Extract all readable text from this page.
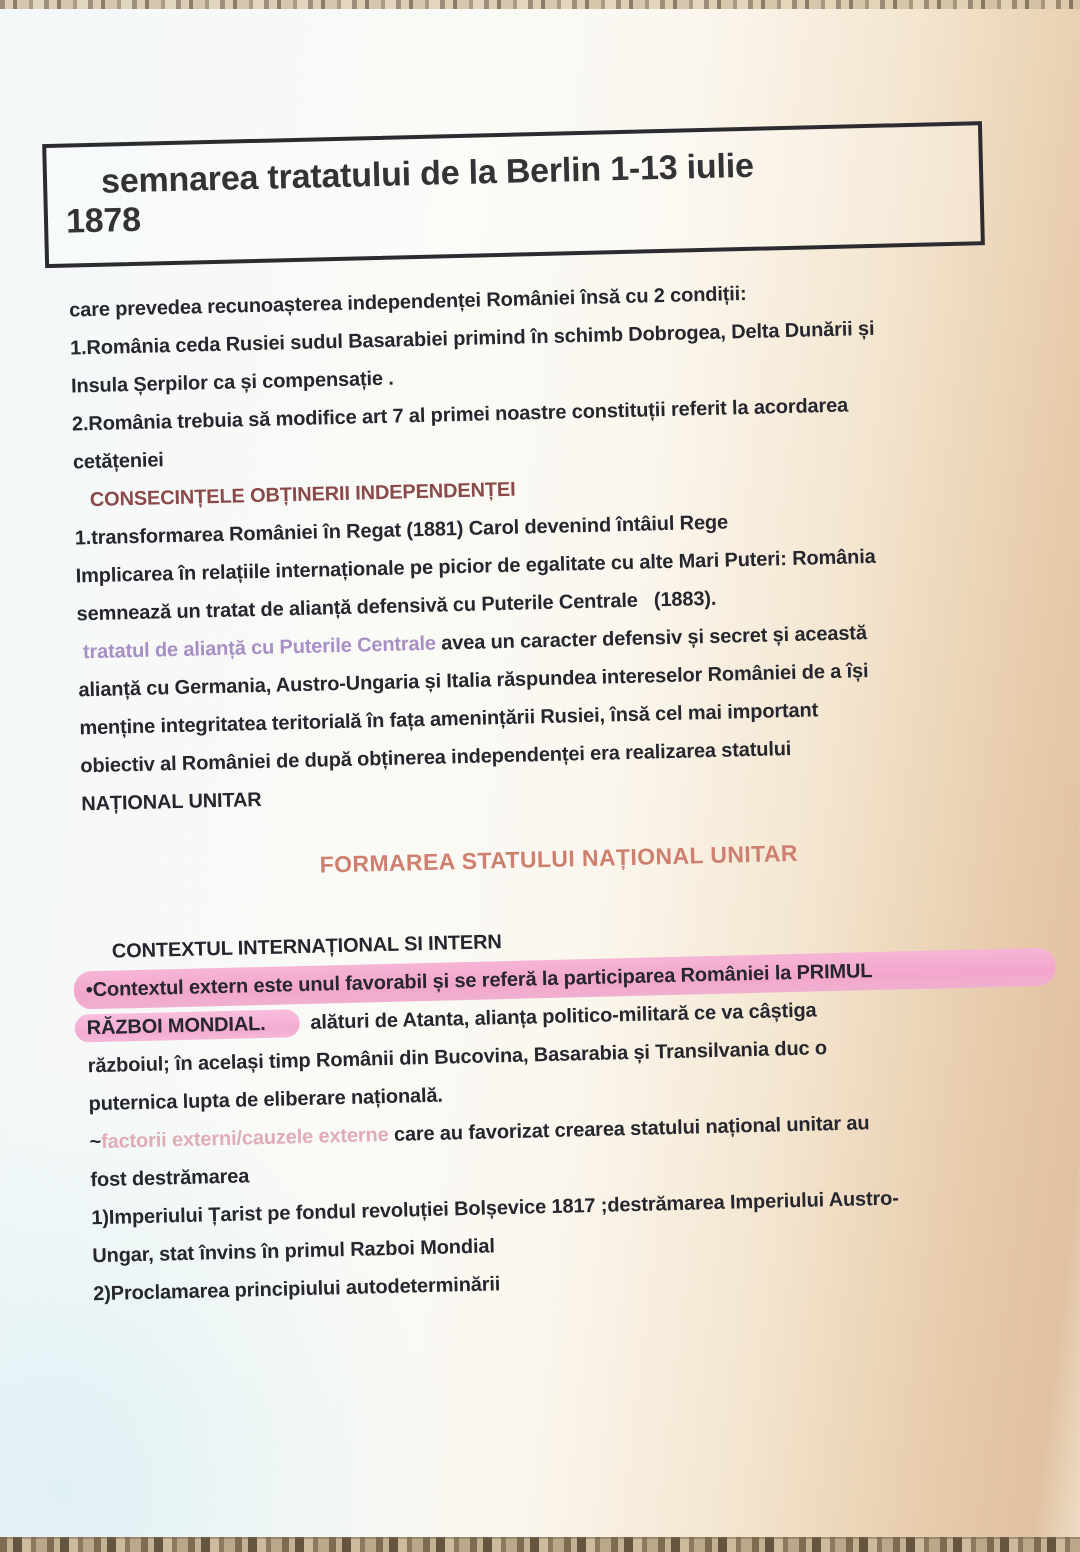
semnarea tratatului de la Berlin 1-13 iulie
1878
care prevedea recunoașterea independenței României însă cu 2 condiții:
1.România ceda Rusiei sudul Basarabiei primind în schimb Dobrogea, Delta Dunării și
Insula Șerpilor ca și compensație .
2.România trebuia să modifice art 7 al primei noastre constituții referit la acordarea
cetățeniei
CONSECINȚELE OBȚINERII INDEPENDENȚEI
1.transformarea României în Regat (1881) Carol devenind întâiul Rege
Implicarea în relațiile internaționale pe picior de egalitate cu alte Mari Puteri: România
semnează un tratat de alianță defensivă cu Puterile Centrale   (1883).
tratatul de alianță cu Puterile Centrale avea un caracter defensiv și secret și această
alianță cu Germania, Austro-Ungaria și Italia răspundea intereselor României de a își
menține integritatea teritorială în fața amenințării Rusiei, însă cel mai important
obiectiv al României de după obținerea independenței era realizarea statului
NAȚIONAL UNITAR
FORMAREA STATULUI NAȚIONAL UNITAR
CONTEXTUL INTERNAȚIONAL SI INTERN
•Contextul extern este unul favorabil și se referă la participarea României la PRIMUL
RĂZBOI MONDIAL.  alături de Atanta, alianța politico-militară ce va câștiga
războiul; în același timp Românii din Bucovina, Basarabia și Transilvania duc o
puternica lupta de eliberare națională.
~factorii externi/cauzele externe care au favorizat crearea statului național unitar au
fost destrămarea
1)Imperiului Țarist pe fondul revoluției Bolșevice 1817 ;destrămarea Imperiului Austro-
Ungar, stat învins în primul Razboi Mondial
2)Proclamarea principiului autodeterminării
